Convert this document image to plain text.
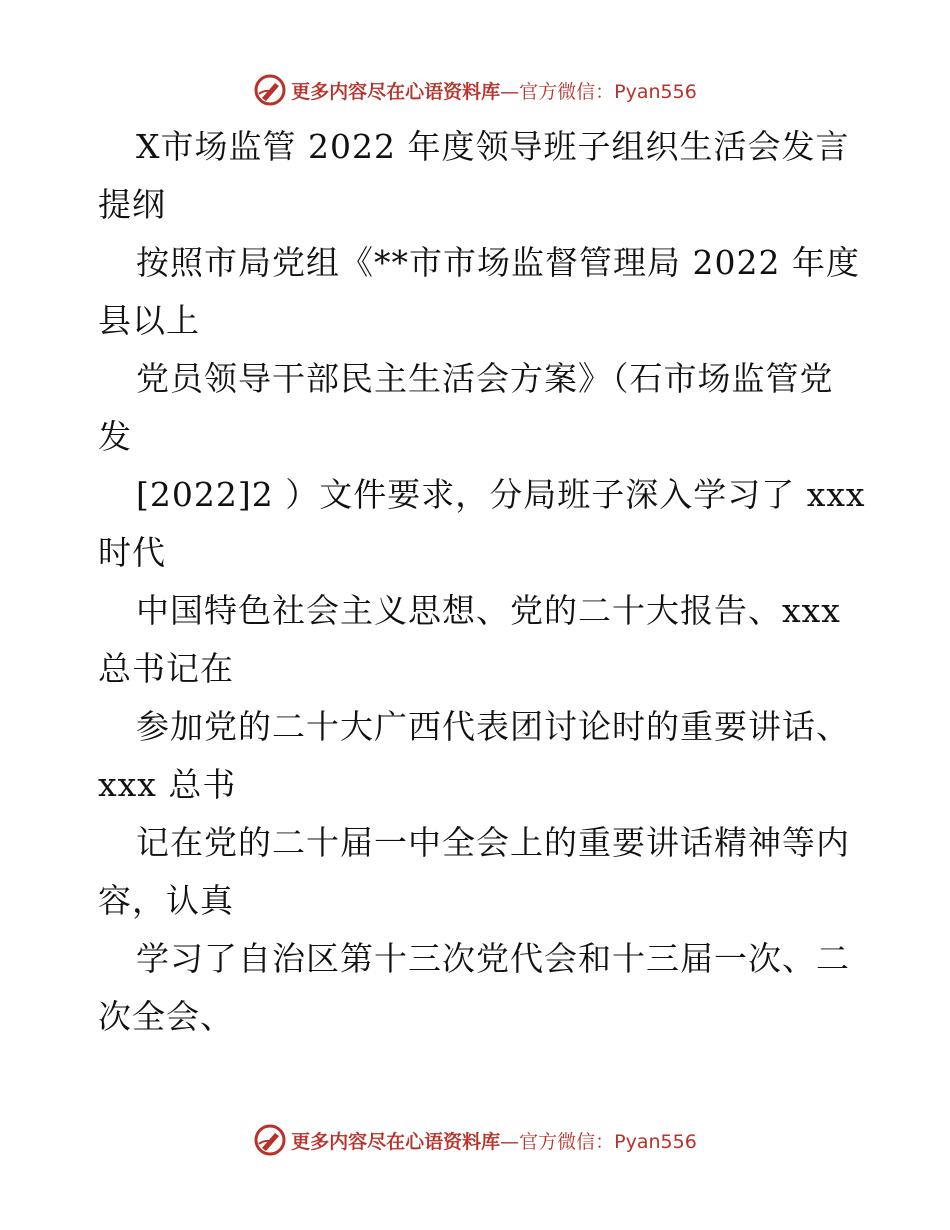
更多内容尽在心语资料库—官方微信：Pyan556
X市场监管 2022 年度领导班子组织生活会发言
提纲
按照市局党组《**市市场监督管理局 2022 年度
县以上
党员领导干部民主生活会方案》（石市场监管党
发
[2022]2 ）文件要求，分局班子深入学习了 xxx
时代
中国特色社会主义思想、党的二十大报告、xxx
总书记在
参加党的二十大广西代表团讨论时的重要讲话、
xxx 总书
记在党的二十届一中全会上的重要讲话精神等内
容，认真
学习了自治区第十三次党代会和十三届一次、二
次全会、
更多内容尽在心语资料库—官方微信：Pyan556
